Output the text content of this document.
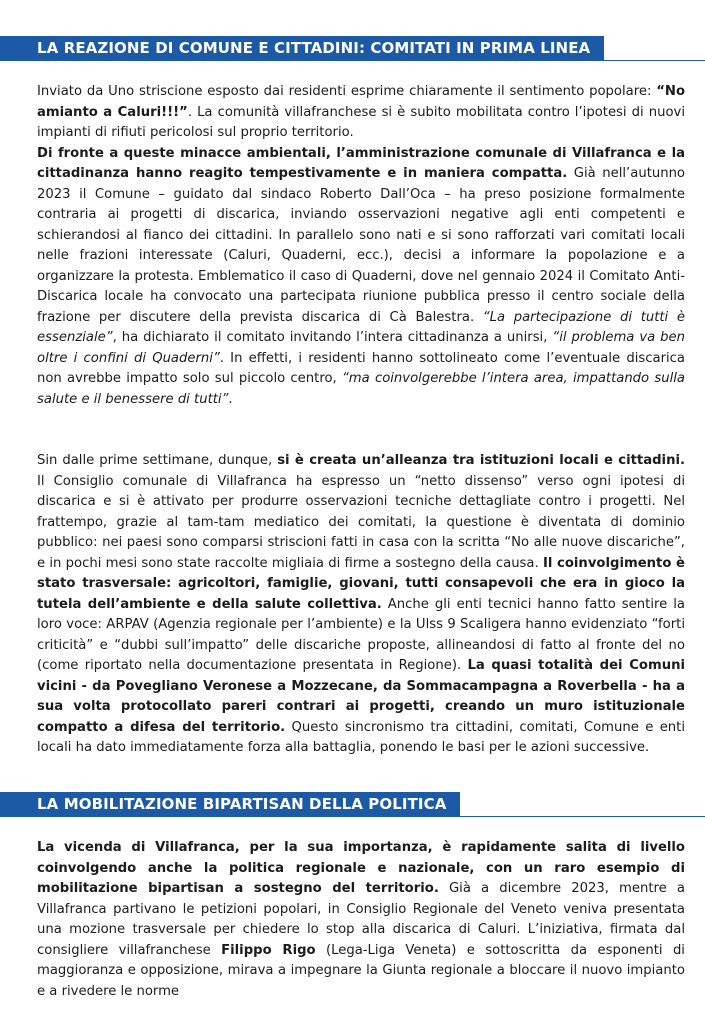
LA REAZIONE DI COMUNE E CITTADINI: COMITATI IN PRIMA LINEA

Inviato da Uno striscione esposto dai residenti esprime chiaramente il sentimento popolare: “No amianto a Caluri!!!”. La comunità villafranchese si è subito mobilitata contro l’ipotesi di nuovi impianti di rifiuti pericolosi sul proprio territorio.
Di fronte a queste minacce ambientali, l’amministrazione comunale di Villafranca e la cittadinanza hanno reagito tempestivamente e in maniera compatta. Già nell’autunno 2023 il Comune – guidato dal sindaco Roberto Dall’Oca – ha preso posizione formalmente contraria ai progetti di discarica, inviando osservazioni negative agli enti competenti e schierandosi al fianco dei cittadini. In parallelo sono nati e si sono rafforzati vari comitati locali nelle frazioni interessate (Caluri, Quaderni, ecc.), decisi a informare la popolazione e a organizzare la protesta. Emblematico il caso di Quaderni, dove nel gennaio 2024 il Comitato Anti-Discarica locale ha convocato una partecipata riunione pubblica presso il centro sociale della frazione per discutere della prevista discarica di Cà Balestra. “La partecipazione di tutti è essenziale”, ha dichiarato il comitato invitando l’intera cittadinanza a unirsi, “il problema va ben oltre i confini di Quaderni”. In effetti, i residenti hanno sottolineato come l’eventuale discarica non avrebbe impatto solo sul piccolo centro, “ma coinvolgerebbe l’intera area, impattando sulla salute e il benessere di tutti”.

Sin dalle prime settimane, dunque, si è creata un’alleanza tra istituzioni locali e cittadini. Il Consiglio comunale di Villafranca ha espresso un “netto dissenso” verso ogni ipotesi di discarica e si è attivato per produrre osservazioni tecniche dettagliate contro i progetti. Nel frattempo, grazie al tam-tam mediatico dei comitati, la questione è diventata di dominio pubblico: nei paesi sono comparsi striscioni fatti in casa con la scritta “No alle nuove discariche”, e in pochi mesi sono state raccolte migliaia di firme a sostegno della causa. Il coinvolgimento è stato trasversale: agricoltori, famiglie, giovani, tutti consapevoli che era in gioco la tutela dell’ambiente e della salute collettiva. Anche gli enti tecnici hanno fatto sentire la loro voce: ARPAV (Agenzia regionale per l’ambiente) e la Ulss 9 Scaligera hanno evidenziato “forti criticità” e “dubbi sull’impatto” delle discariche proposte, allineandosi di fatto al fronte del no (come riportato nella documentazione presentata in Regione). La quasi totalità dei Comuni vicini - da Povegliano Veronese a Mozzecane, da Sommacampagna a Roverbella - ha a sua volta protocollato pareri contrari ai progetti, creando un muro istituzionale compatto a difesa del territorio. Questo sincronismo tra cittadini, comitati, Comune e enti locali ha dato immediatamente forza alla battaglia, ponendo le basi per le azioni successive.

LA MOBILITAZIONE BIPARTISAN DELLA POLITICA

La vicenda di Villafranca, per la sua importanza, è rapidamente salita di livello coinvolgendo anche la politica regionale e nazionale, con un raro esempio di mobilitazione bipartisan a sostegno del territorio. Già a dicembre 2023, mentre a Villafranca partivano le petizioni popolari, in Consiglio Regionale del Veneto veniva presentata una mozione trasversale per chiedere lo stop alla discarica di Caluri. L’iniziativa, firmata dal consigliere villafranchese Filippo Rigo (Lega-Liga Veneta) e sottoscritta da esponenti di maggioranza e opposizione, mirava a impegnare la Giunta regionale a bloccare il nuovo impianto e a rivedere le norme
